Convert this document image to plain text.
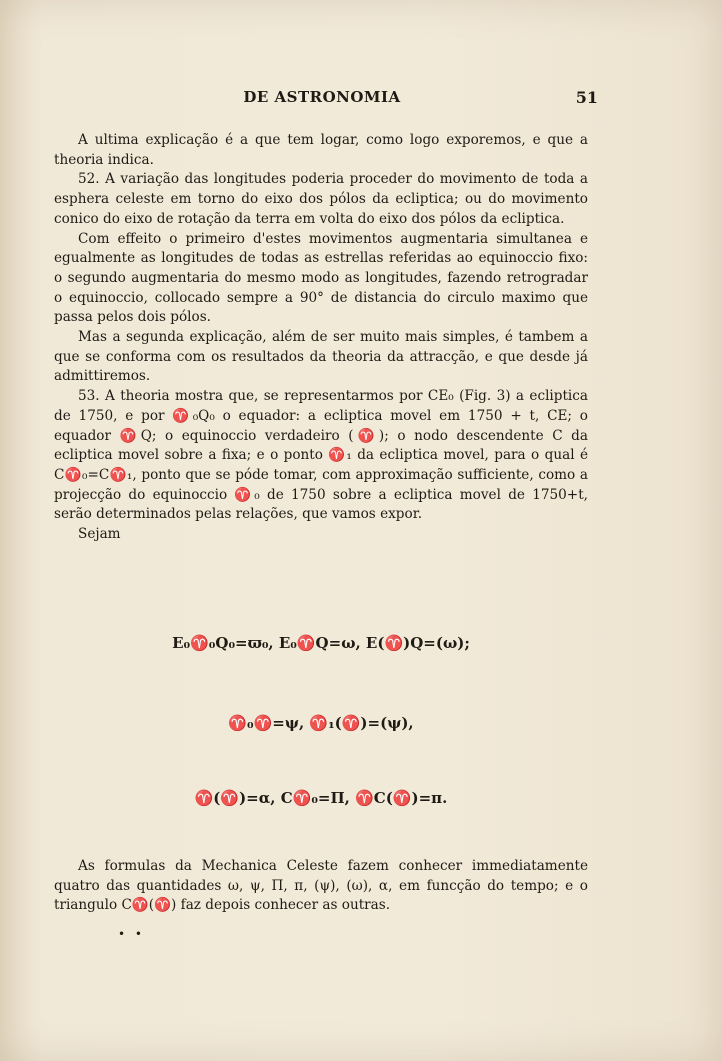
DE ASTRONOMIA	51

A ultima explicação é a que tem logar, como logo exporemos, e que a theoria indica.

52. A variação das longitudes poderia proceder do movimento de toda a esphera celeste em torno do eixo dos pólos da ecliptica; ou do movimento conico do eixo de rotação da terra em volta do eixo dos pólos da ecliptica.

Com effeito o primeiro d'estes movimentos augmentaria simultanea e egualmente as longitudes de todas as estrellas referidas ao equinoccio fixo: o segundo augmentaria do mesmo modo as longitudes, fazendo retrogradar o equinoccio, collocado sempre a 90° de distancia do circulo maximo que passa pelos dois pólos.

Mas a segunda explicação, além de ser muito mais simples, é tambem a que se conforma com os resultados da theoria da attracção, e que desde já admittiremos.

53. A theoria mostra que, se representarmos por CE₀ (Fig. 3) a ecliptica de 1750, e por ♈₀Q₀ o equador: a ecliptica movel em 1750 + t, CE; o equador ♈Q; o equinoccio verdadeiro (♈); o nodo descendente C da ecliptica movel sobre a fixa; e o ponto ♈₁ da ecliptica movel, para o qual é C♈₀=C♈₁, ponto que se póde tomar, com approximação sufficiente, como a projecção do equinoccio ♈₀ de 1750 sobre a ecliptica movel de 1750+t, serão determinados pelas relações, que vamos expor.

Sejam

E₀♈₀Q₀=ϖ₀, E₀♈Q=ω, E(♈)Q=(ω);
♈₀♈=ψ, ♈₁(♈)=(ψ),
♈(♈)=α, C♈₀=Π, ♈C(♈)=π.

As formulas da Mechanica Celeste fazem conhecer immediatamente quatro das quantidades ω, ψ, Π, π, (ψ), (ω), α, em funcção do tempo; e o triangulo C♈(♈) faz depois conhecer as outras.

• •
